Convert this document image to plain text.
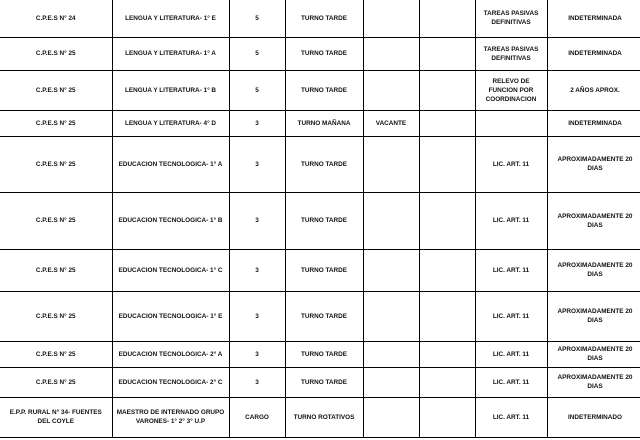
C.P.E.S N° 24	LENGUA Y LITERATURA- 1° E	5	TURNO TARDE			TAREAS PASIVAS DEFINITIVAS	INDETERMINADA
C.P.E.S N° 25	LENGUA Y LITERATURA- 1° A	5	TURNO TARDE			TAREAS PASIVAS DEFINITIVAS	INDETERMINADA
C.P.E.S N° 25	LENGUA Y LITERATURA- 1° B	5	TURNO TARDE			RELEVO DE FUNCION POR COORDINACION	2 AÑOS APROX.
C.P.E.S N° 25	LENGUA Y LITERATURA- 4° D	3	TURNO MAÑANA	VACANTE			INDETERMINADA
C.P.E.S N° 25	EDUCACION TECNOLOGICA- 1° A	3	TURNO TARDE			LIC. ART. 11	APROXIMADAMENTE 20 DIAS
C.P.E.S N° 25	EDUCACION TECNOLOGICA- 1° B	3	TURNO TARDE			LIC. ART. 11	APROXIMADAMENTE 20 DIAS
C.P.E.S N° 25	EDUCACION TECNOLOGICA- 1° C	3	TURNO TARDE			LIC. ART. 11	APROXIMADAMENTE 20 DIAS
C.P.E.S N° 25	EDUCACION TECNOLOGICA- 1° E	3	TURNO TARDE			LIC. ART. 11	APROXIMADAMENTE 20 DIAS
C.P.E.S N° 25	EDUCACION TECNOLOGICA- 2° A	3	TURNO TARDE			LIC. ART. 11	APROXIMADAMENTE 20 DIAS
C.P.E.S N° 25	EDUCACION TECNOLOGICA- 2° C	3	TURNO TARDE			LIC. ART. 11	APROXIMADAMENTE 20 DIAS
E.P.P. RURAL N° 34- FUENTES DEL COYLE	MAESTRO DE INTERNADO GRUPO VARONES- 1° 2° 3° U.P	CARGO	TURNO ROTATIVOS			LIC. ART. 11	INDETERMINADO
